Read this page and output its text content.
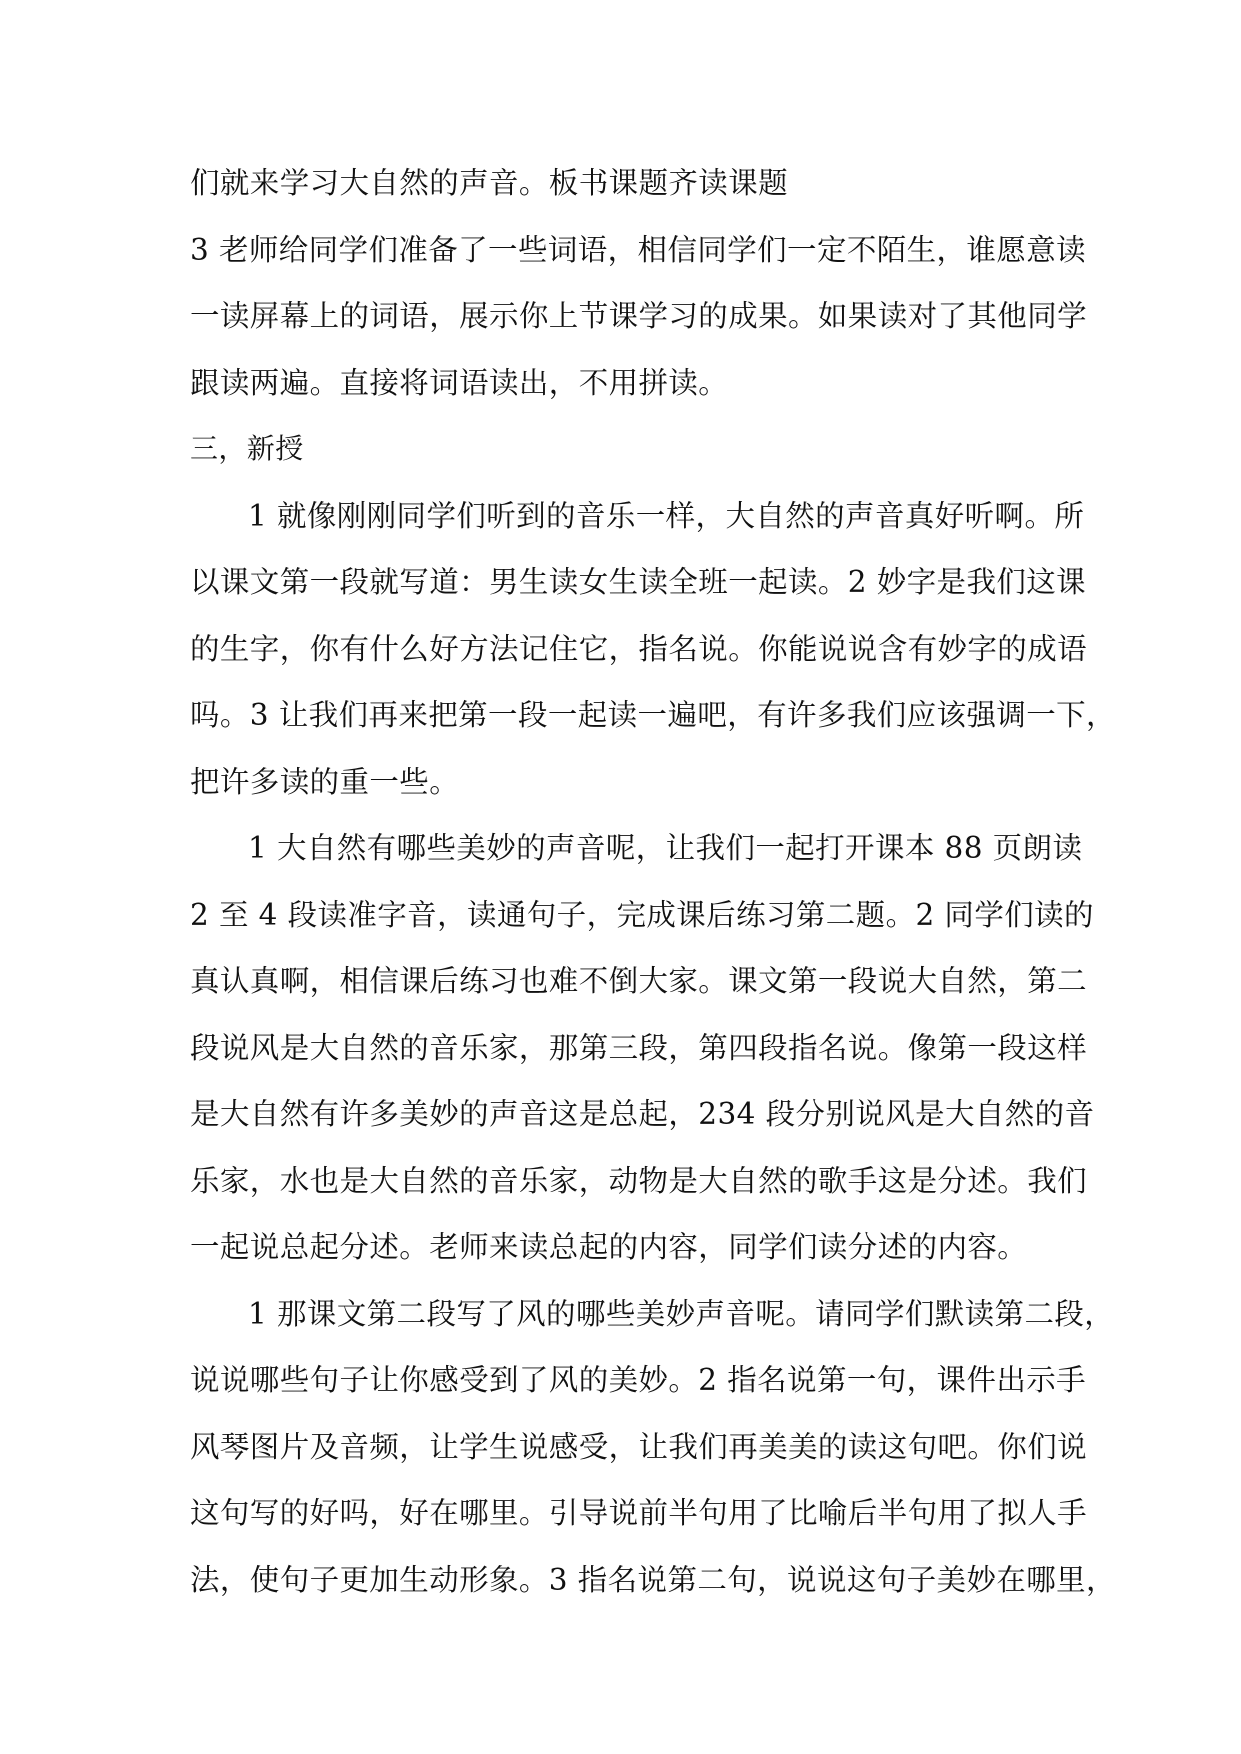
们就来学习大自然的声音。板书课题齐读课题
3 老师给同学们准备了一些词语，相信同学们一定不陌生，谁愿意读
一读屏幕上的词语，展示你上节课学习的成果。如果读对了其他同学
跟读两遍。直接将词语读出，不用拼读。
三，新授
1 就像刚刚同学们听到的音乐一样，大自然的声音真好听啊。所
以课文第一段就写道：男生读女生读全班一起读。2 妙字是我们这课
的生字，你有什么好方法记住它，指名说。你能说说含有妙字的成语
吗。3 让我们再来把第一段一起读一遍吧，有许多我们应该强调一下，
把许多读的重一些。
1 大自然有哪些美妙的声音呢，让我们一起打开课本 88 页朗读
2 至 4 段读准字音，读通句子，完成课后练习第二题。2 同学们读的
真认真啊，相信课后练习也难不倒大家。课文第一段说大自然，第二
段说风是大自然的音乐家，那第三段，第四段指名说。像第一段这样
是大自然有许多美妙的声音这是总起，234 段分别说风是大自然的音
乐家，水也是大自然的音乐家，动物是大自然的歌手这是分述。我们
一起说总起分述。老师来读总起的内容，同学们读分述的内容。
1 那课文第二段写了风的哪些美妙声音呢。请同学们默读第二段，
说说哪些句子让你感受到了风的美妙。2 指名说第一句，课件出示手
风琴图片及音频，让学生说感受，让我们再美美的读这句吧。你们说
这句写的好吗，好在哪里。引导说前半句用了比喻后半句用了拟人手
法，使句子更加生动形象。3 指名说第二句，说说这句子美妙在哪里，
